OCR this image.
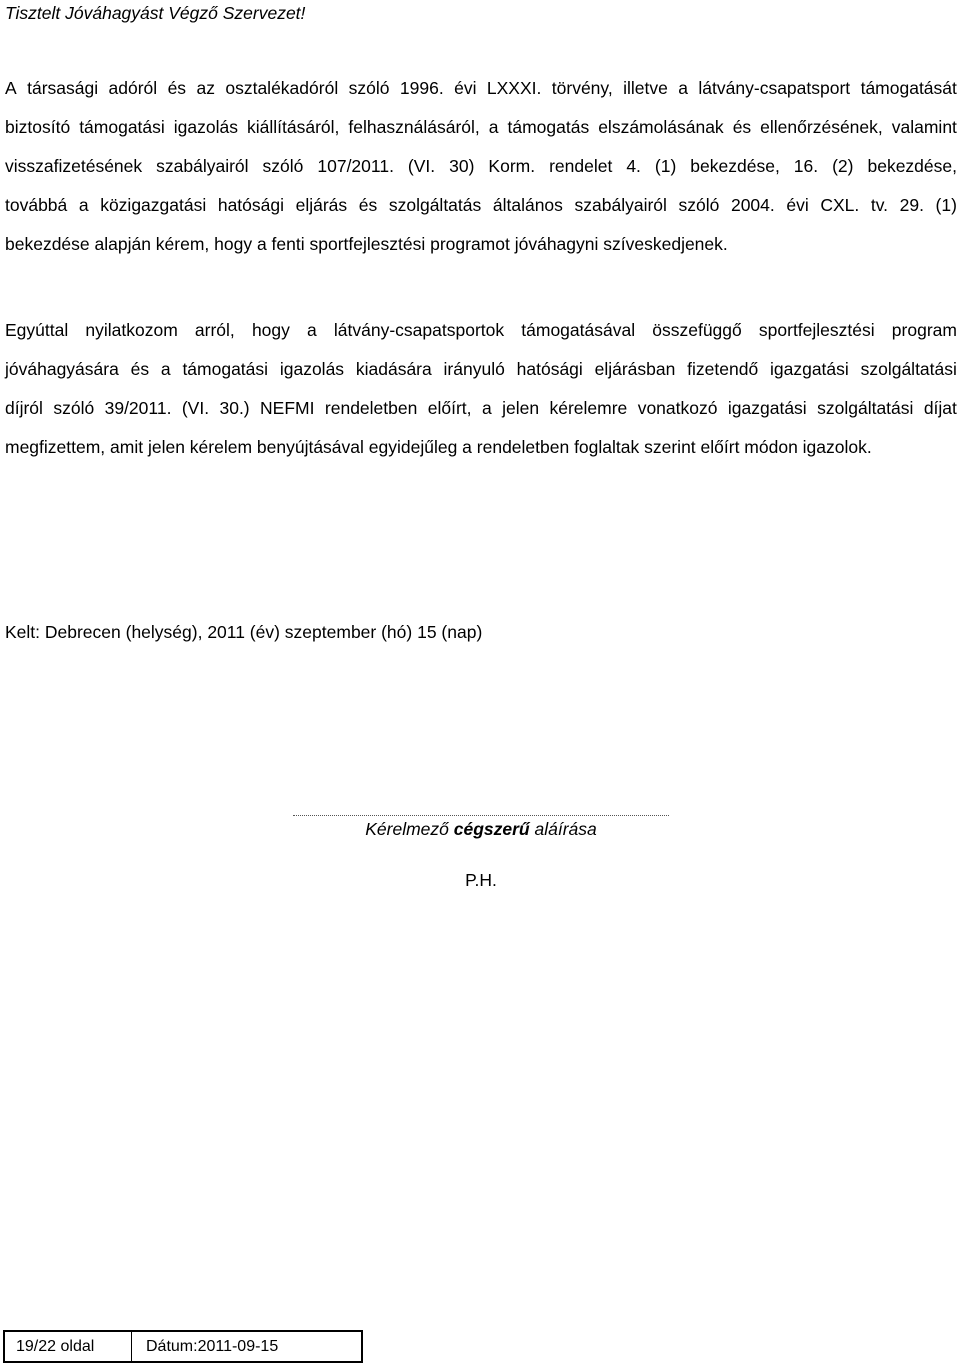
Tisztelt Jóváhagyást Végző Szervezet!
A társasági adóról és az osztalékadóról szóló 1996. évi LXXXI. törvény, illetve a látvány-csapatsport támogatását
biztosító támogatási igazolás kiállításáról, felhasználásáról, a támogatás elszámolásának és ellenőrzésének, valamint
visszafizetésének szabályairól szóló 107/2011. (VI. 30) Korm. rendelet 4. (1) bekezdése, 16. (2) bekezdése,
továbbá a közigazgatási hatósági eljárás és szolgáltatás általános szabályairól szóló 2004. évi CXL. tv. 29. (1)
bekezdése alapján kérem, hogy a fenti sportfejlesztési programot jóváhagyni szíveskedjenek.
Egyúttal nyilatkozom arról, hogy a látvány-csapatsportok támogatásával összefüggő sportfejlesztési program
jóváhagyására és a támogatási igazolás kiadására irányuló hatósági eljárásban fizetendő igazgatási szolgáltatási
díjról szóló 39/2011. (VI. 30.) NEFMI rendeletben előírt, a jelen kérelemre vonatkozó igazgatási szolgáltatási díjat
megfizettem, amit jelen kérelem benyújtásával egyidejűleg a rendeletben foglaltak szerint előírt módon igazolok.
Kelt: Debrecen (helység), 2011 (év) szeptember (hó) 15 (nap)
Kérelmező cégszerű aláírása
P.H.
19/22 oldal	Dátum:2011-09-15
